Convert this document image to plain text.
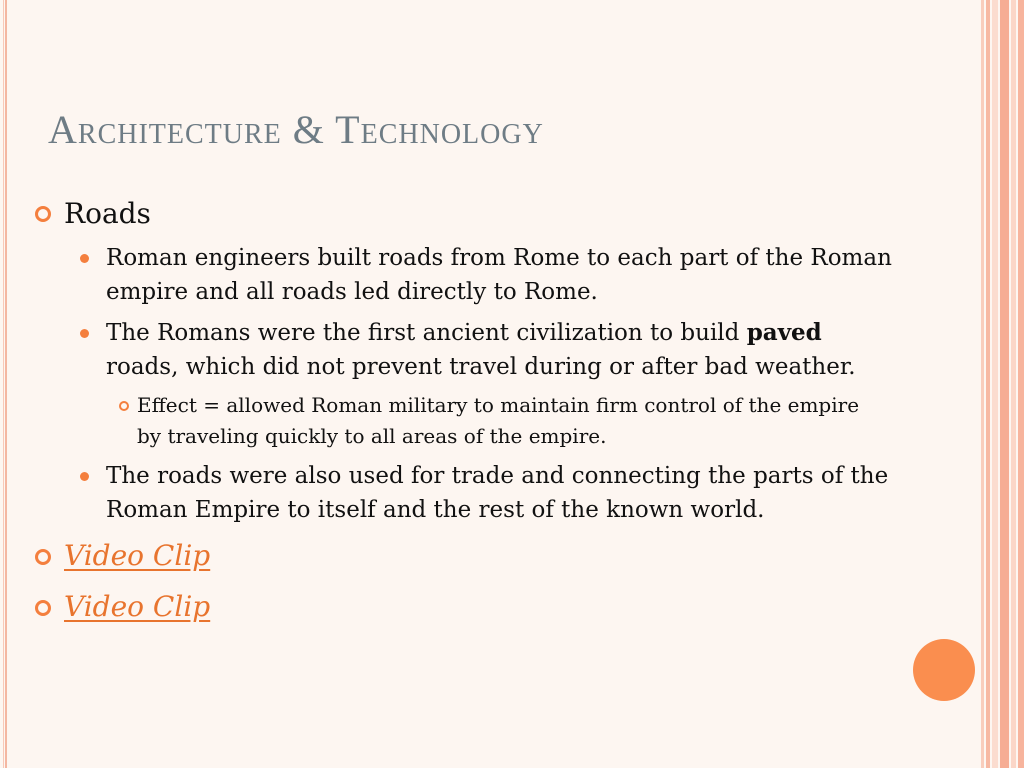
Architecture & Technology
Roads
Roman engineers built roads from Rome to each part of the Roman
empire and all roads led directly to Rome.
The Romans were the first ancient civilization to build paved
roads, which did not prevent travel during or after bad weather.
Effect = allowed Roman military to maintain firm control of the empire
by traveling quickly to all areas of the empire.
The roads were also used for trade and connecting the parts of the
Roman Empire to itself and the rest of the known world.
Video Clip
Video Clip
